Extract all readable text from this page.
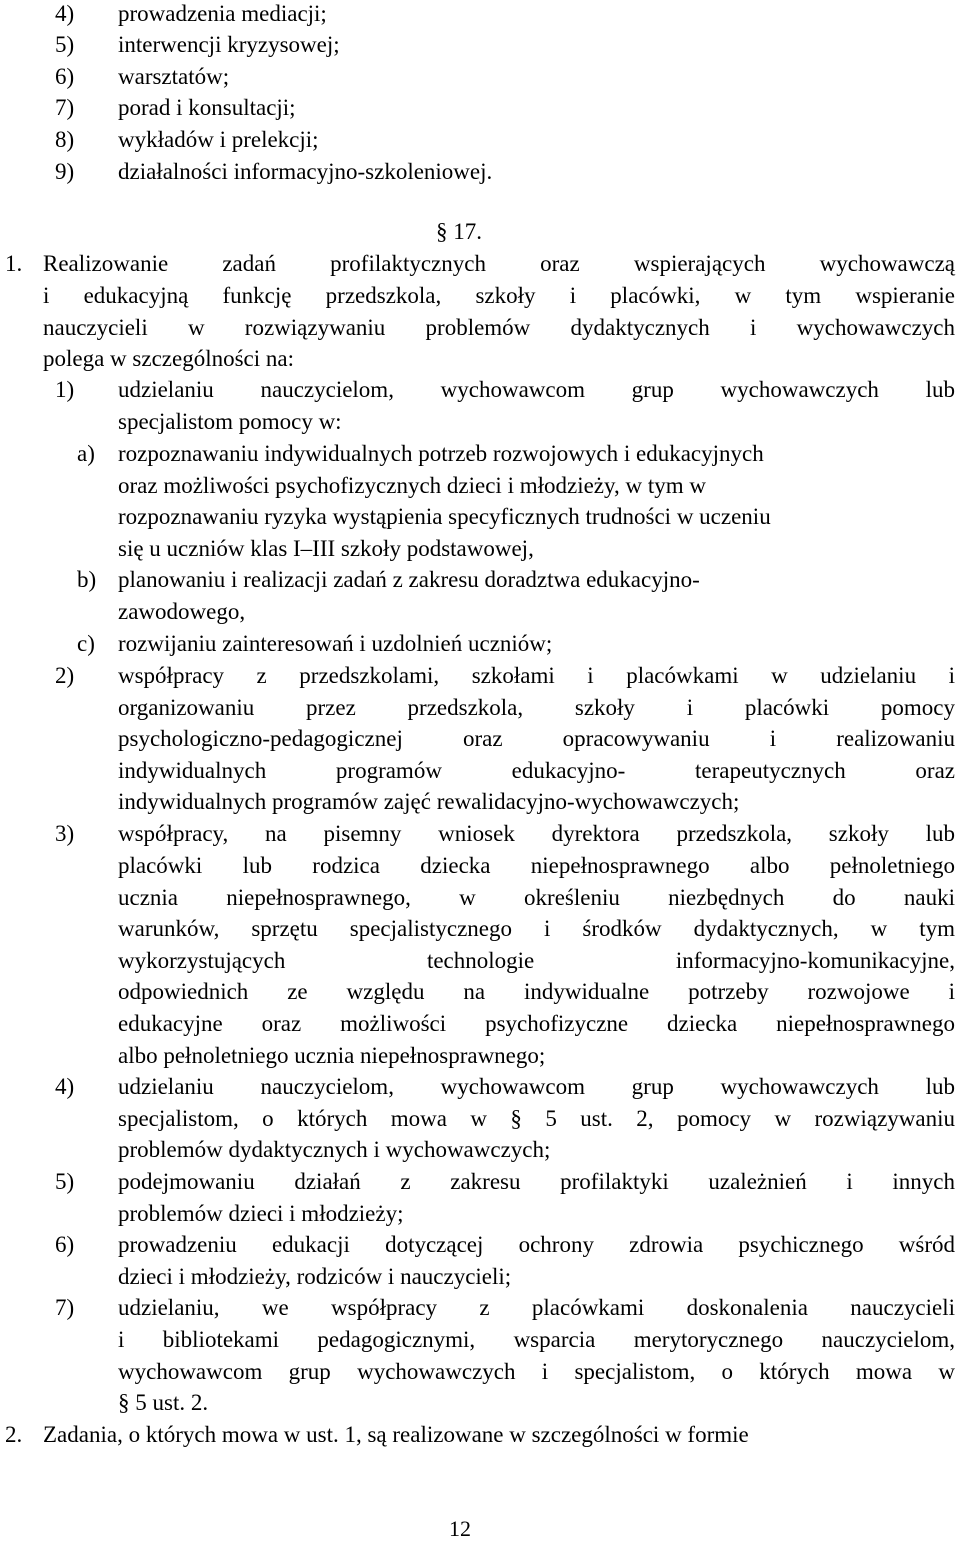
4) prowadzenia mediacji;
5) interwencji kryzysowej;
6) warsztatów;
7) porad i konsultacji;
8) wykładów i prelekcji;
9) działalności informacyjno-szkoleniowej.
§ 17.
1. Realizowanie zadań profilaktycznych oraz wspierających wychowawczą
i edukacyjną funkcję przedszkola, szkoły i placówki, w tym wspieranie
nauczycieli w rozwiązywaniu problemów dydaktycznych i wychowawczych
polega w szczególności na:
1) udzielaniu nauczycielom, wychowawcom grup wychowawczych lub
specjalistom pomocy w:
a) rozpoznawaniu indywidualnych potrzeb rozwojowych i edukacyjnych
oraz możliwości psychofizycznych dzieci i młodzieży, w tym w
rozpoznawaniu ryzyka wystąpienia specyficznych trudności w uczeniu
się u uczniów klas I–III szkoły podstawowej,
b) planowaniu i realizacji zadań z zakresu doradztwa edukacyjno-
zawodowego,
c) rozwijaniu zainteresowań i uzdolnień uczniów;
2) współpracy z przedszkolami, szkołami i placówkami w udzielaniu i
organizowaniu przez przedszkola, szkoły i placówki pomocy
psychologiczno-pedagogicznej oraz opracowywaniu i realizowaniu
indywidualnych programów edukacyjno- terapeutycznych oraz
indywidualnych programów zajęć rewalidacyjno-wychowawczych;
3) współpracy, na pisemny wniosek dyrektora przedszkola, szkoły lub
placówki lub rodzica dziecka niepełnosprawnego albo pełnoletniego
ucznia niepełnosprawnego, w określeniu niezbędnych do nauki
warunków, sprzętu specjalistycznego i środków dydaktycznych, w tym
wykorzystujących technologie informacyjno-komunikacyjne,
odpowiednich ze względu na indywidualne potrzeby rozwojowe i
edukacyjne oraz możliwości psychofizyczne dziecka niepełnosprawnego
albo pełnoletniego ucznia niepełnosprawnego;
4) udzielaniu nauczycielom, wychowawcom grup wychowawczych lub
specjalistom, o których mowa w § 5 ust. 2, pomocy w rozwiązywaniu
problemów dydaktycznych i wychowawczych;
5) podejmowaniu działań z zakresu profilaktyki uzależnień i innych
problemów dzieci i młodzieży;
6) prowadzeniu edukacji dotyczącej ochrony zdrowia psychicznego wśród
dzieci i młodzieży, rodziców i nauczycieli;
7) udzielaniu, we współpracy z placówkami doskonalenia nauczycieli
i bibliotekami pedagogicznymi, wsparcia merytorycznego nauczycielom,
wychowawcom grup wychowawczych i specjalistom, o których mowa w
§ 5 ust. 2.
2. Zadania, o których mowa w ust. 1, są realizowane w szczególności w formie
12
